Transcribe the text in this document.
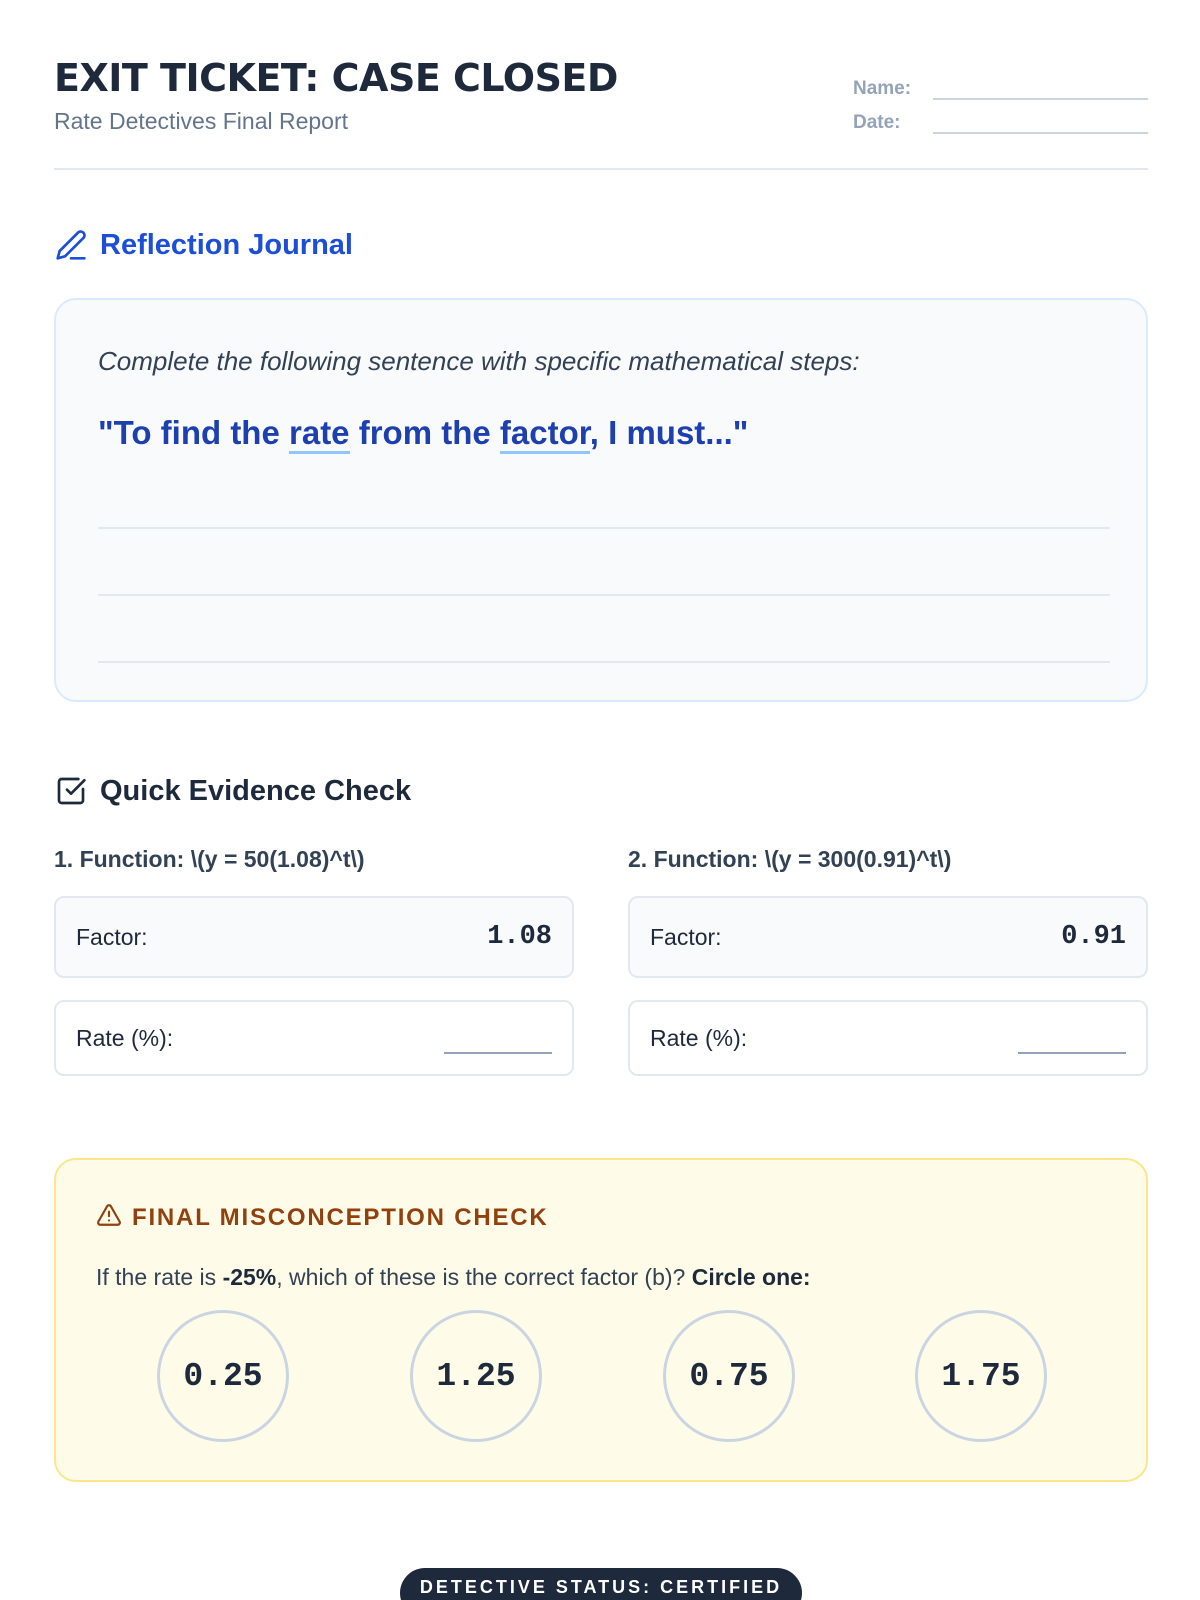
EXIT TICKET: CASE CLOSED
Rate Detectives Final Report
Name:
Date:
Reflection Journal
Complete the following sentence with specific mathematical steps:
"To find the rate from the factor, I must..."
Quick Evidence Check
1. Function: \(y = 50(1.08)^t\)
Factor:	1.08
Rate (%):
2. Function: \(y = 300(0.91)^t\)
Factor:	0.91
Rate (%):
FINAL MISCONCEPTION CHECK
If the rate is -25%, which of these is the correct factor (b)? Circle one:
0.25	1.25	0.75	1.75
DETECTIVE STATUS: CERTIFIED
